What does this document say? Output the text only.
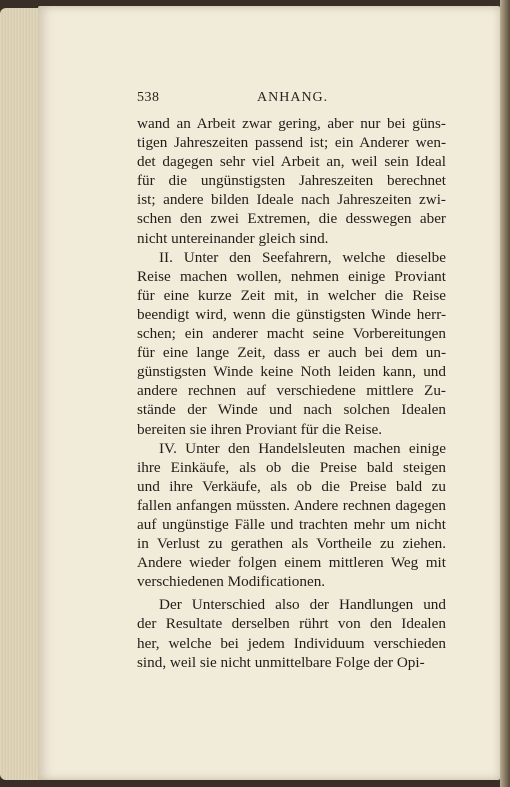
538	ANHANG.
wand an Arbeit zwar gering, aber nur bei güns-
tigen Jahreszeiten passend ist; ein Anderer wen-
det dagegen sehr viel Arbeit an, weil sein Ideal
für die ungünstigsten Jahreszeiten berechnet
ist; andere bilden Ideale nach Jahreszeiten zwi-
schen den zwei Extremen, die desswegen aber
nicht untereinander gleich sind.
II. Unter den Seefahrern, welche dieselbe
Reise machen wollen, nehmen einige Proviant
für eine kurze Zeit mit, in welcher die Reise
beendigt wird, wenn die günstigsten Winde herr-
schen; ein anderer macht seine Vorbereitungen
für eine lange Zeit, dass er auch bei dem un-
günstigsten Winde keine Noth leiden kann, und
andere rechnen auf verschiedene mittlere Zu-
stände der Winde und nach solchen Idealen
bereiten sie ihren Proviant für die Reise.
IV. Unter den Handelsleuten machen einige
ihre Einkäufe, als ob die Preise bald steigen
und ihre Verkäufe, als ob die Preise bald zu
fallen anfangen müssten. Andere rechnen dagegen
auf ungünstige Fälle und trachten mehr um nicht
in Verlust zu gerathen als Vortheile zu ziehen.
Andere wieder folgen einem mittleren Weg mit
verschiedenen Modificationen.
Der Unterschied also der Handlungen und
der Resultate derselben rührt von den Idealen
her, welche bei jedem Individuum verschieden
sind, weil sie nicht unmittelbare Folge der Opi-
